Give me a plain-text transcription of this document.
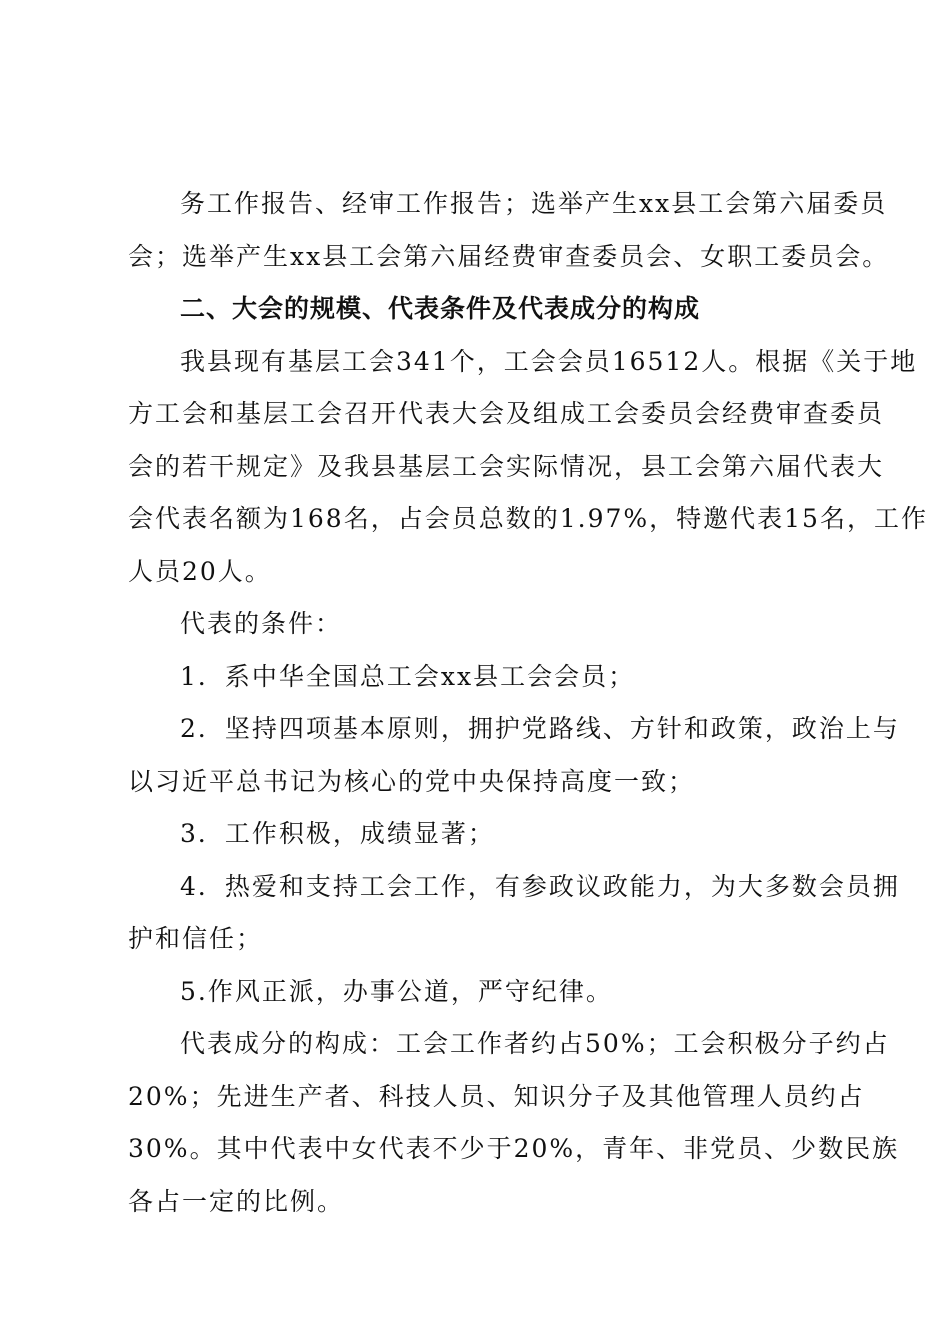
务工作报告、经审工作报告；选举产生xx县工会第六届委员
会；选举产生xx县工会第六届经费审查委员会、女职工委员会。
二、大会的规模、代表条件及代表成分的构成
我县现有基层工会341个，工会会员16512人。根据《关于地
方工会和基层工会召开代表大会及组成工会委员会经费审查委员
会的若干规定》及我县基层工会实际情况，县工会第六届代表大
会代表名额为168名，占会员总数的1.97%，特邀代表15名，工作
人员20人。
代表的条件：
1．系中华全国总工会xx县工会会员；
2．坚持四项基本原则，拥护党路线、方针和政策，政治上与
以习近平总书记为核心的党中央保持高度一致；
3．工作积极，成绩显著；
4．热爱和支持工会工作，有参政议政能力，为大多数会员拥
护和信任；
5.作风正派，办事公道，严守纪律。
代表成分的构成：工会工作者约占50%；工会积极分子约占
20%；先进生产者、科技人员、知识分子及其他管理人员约占
30%。其中代表中女代表不少于20%，青年、非党员、少数民族
各占一定的比例。
